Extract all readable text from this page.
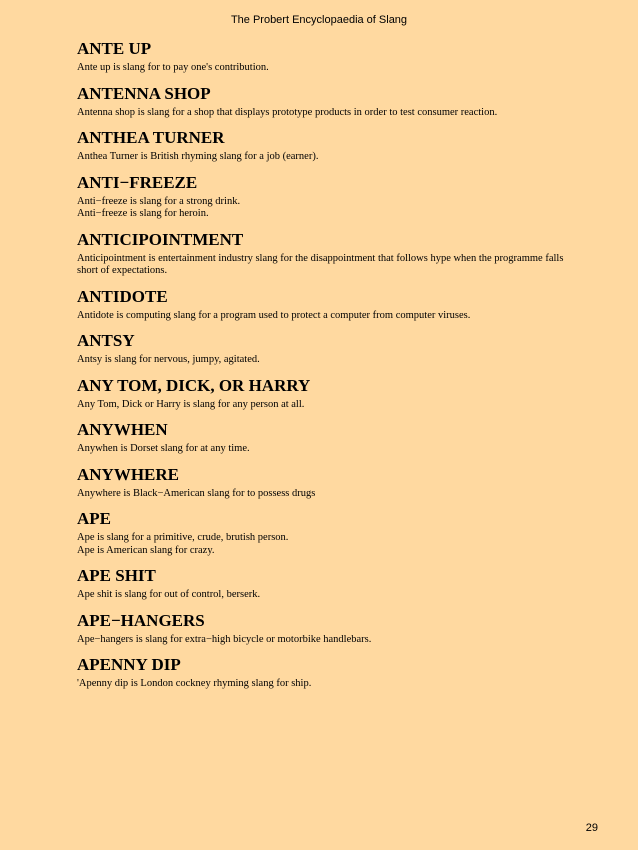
The Probert Encyclopaedia of Slang
ANTE UP
Ante up is slang for to pay one's contribution.
ANTENNA SHOP
Antenna shop is slang for a shop that displays prototype products in order to test consumer reaction.
ANTHEA TURNER
Anthea Turner is British rhyming slang for a job (earner).
ANTI−FREEZE
Anti−freeze is slang for a strong drink.
Anti−freeze is slang for heroin.
ANTICIPOINTMENT
Anticipointment is entertainment industry slang for the disappointment that follows hype when the programme falls short of expectations.
ANTIDOTE
Antidote is computing slang for a program used to protect a computer from computer viruses.
ANTSY
Antsy is slang for nervous, jumpy, agitated.
ANY TOM, DICK, OR HARRY
Any Tom, Dick or Harry is slang for any person at all.
ANYWHEN
Anywhen is Dorset slang for at any time.
ANYWHERE
Anywhere is Black−American slang for to possess drugs
APE
Ape is slang for a primitive, crude, brutish person.
Ape is American slang for crazy.
APE SHIT
Ape shit is slang for out of control, berserk.
APE−HANGERS
Ape−hangers is slang for extra−high bicycle or motorbike handlebars.
APENNY DIP
'Apenny dip is London cockney rhyming slang for ship.
29
